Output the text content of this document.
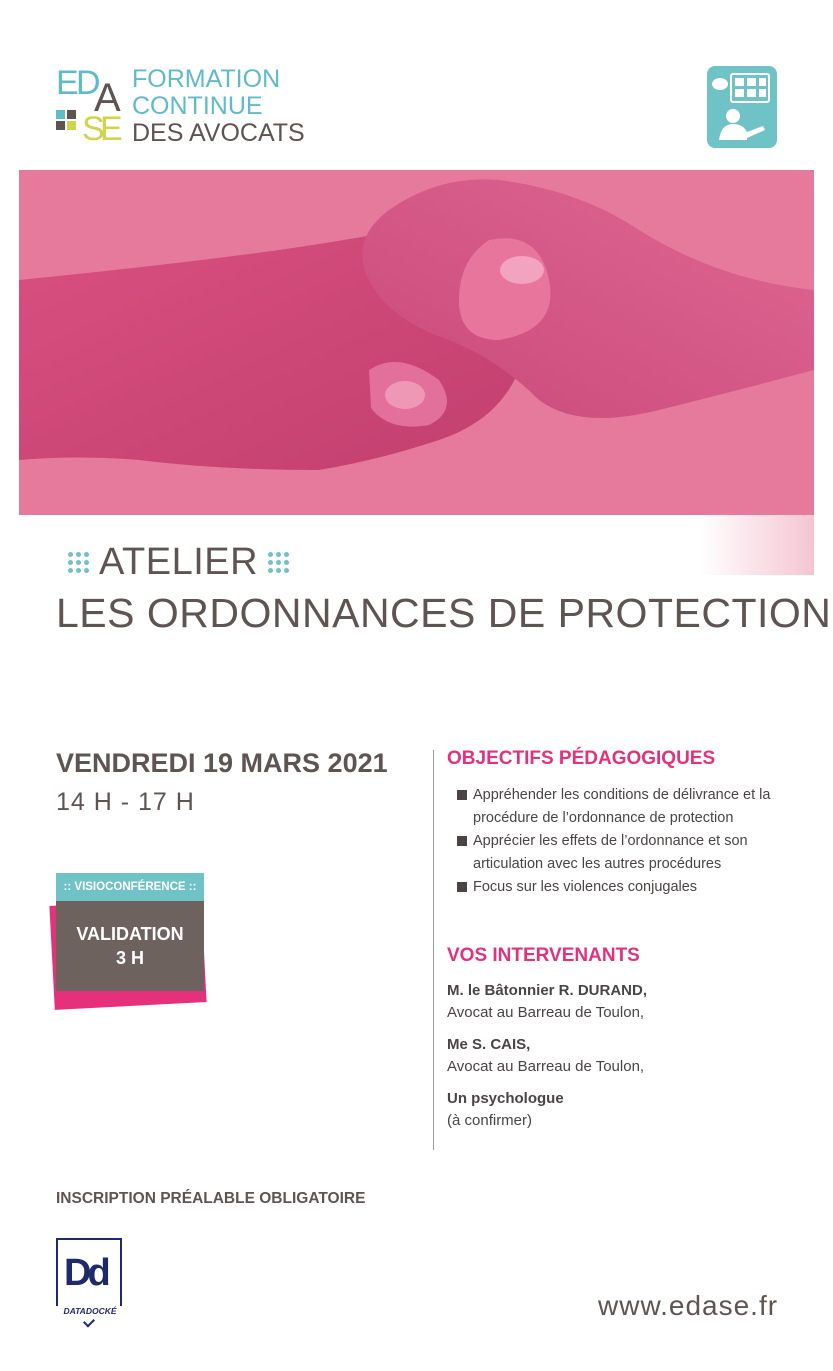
E
D
A
S
E
FORMATION
CONTINUE
DES AVOCATS
ATELIER
LES ORDONNANCES DE PROTECTION
VENDREDI 19 MARS 2021
14 H - 17 H
:: VISIOCONFÉRENCE ::
VALIDATION
3 H
INSCRIPTION PRÉALABLE OBLIGATOIRE
Dd
DATADOCKÉ
OBJECTIFS PÉDAGOGIQUES
Appréhender les conditions de délivrance et la procédure de l’ordonnance de protection
Apprécier les effets de l’ordonnance et son articulation avec les autres procédures
Focus sur les violences conjugales
VOS INTERVENANTS
M. le Bâtonnier R. DURAND,
Avocat au Barreau de Toulon,
Me S. CAIS,
Avocat au Barreau de Toulon,
Un psychologue
(à confirmer)
www.edase.fr
